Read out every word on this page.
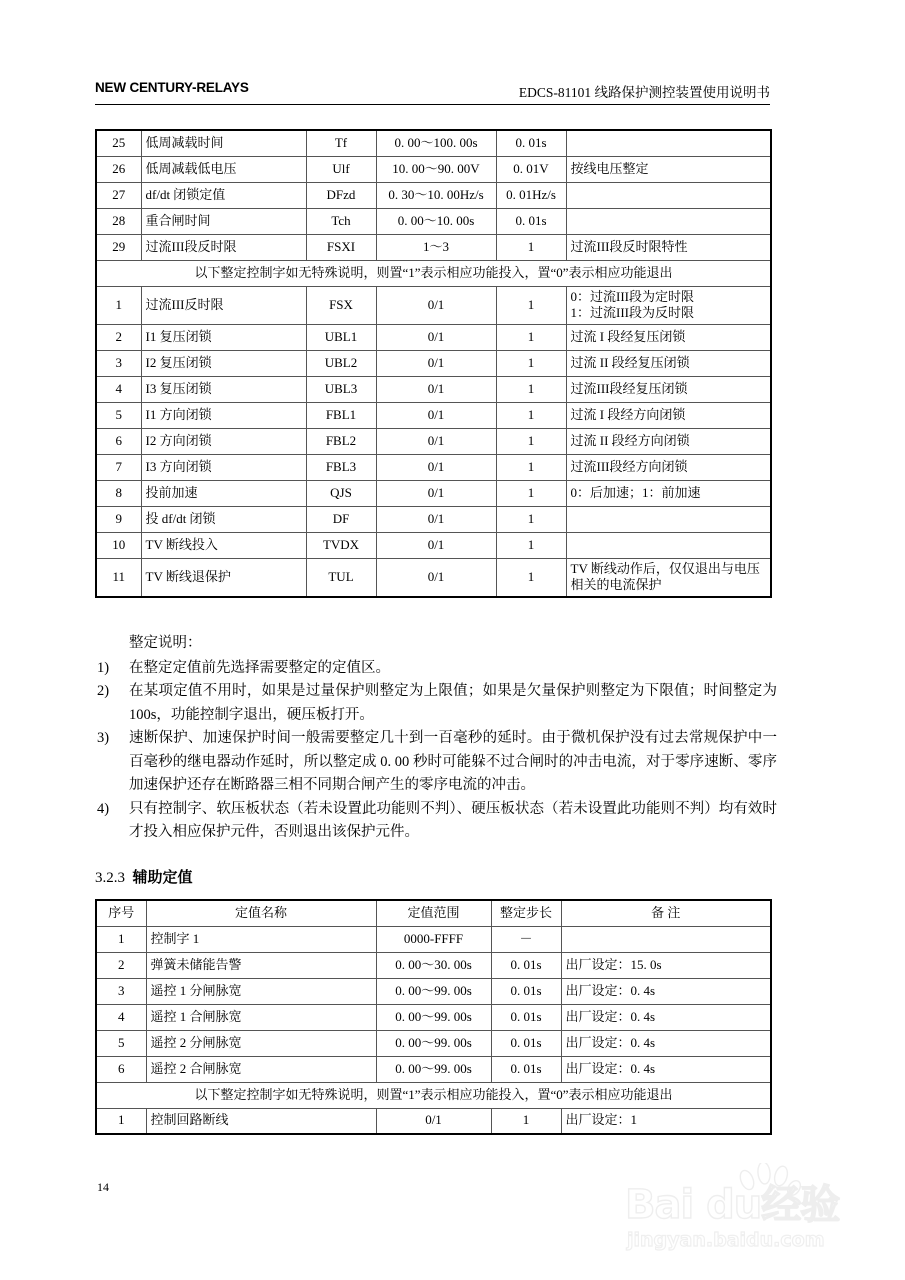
NEW CENTURY-RELAYS	EDCS-81101 线路保护测控装置使用说明书
25	低周减载时间	Tf	0. 00～100. 00s	0. 01s	
26	低周减载低电压	Ulf	10. 00～90. 00V	0. 01V	按线电压整定
27	df/dt 闭锁定值	DFzd	0. 30～10. 00Hz/s	0. 01Hz/s	
28	重合闸时间	Tch	0. 00～10. 00s	0. 01s	
29	过流III段反时限	FSXI	1～3	1	过流III段反时限特性
以下整定控制字如无特殊说明，则置“1”表示相应功能投入，置“0”表示相应功能退出					
1	过流III反时限	FSX	0/1	1	0：过流III段为定时限
1：过流III段为反时限

2	I1 复压闭锁	UBL1	0/1	1	过流 I 段经复压闭锁
3	I2 复压闭锁	UBL2	0/1	1	过流 II 段经复压闭锁
4	I3 复压闭锁	UBL3	0/1	1	过流III段经复压闭锁
5	I1 方向闭锁	FBL1	0/1	1	过流 I 段经方向闭锁
6	I2 方向闭锁	FBL2	0/1	1	过流 II 段经方向闭锁
7	I3 方向闭锁	FBL3	0/1	1	过流III段经方向闭锁
8	投前加速	QJS	0/1	1	0：后加速；1：前加速
9	投 df/dt 闭锁	DF	0/1	1	
10	TV 断线投入	TVDX	0/1	1	
11	TV 断线退保护	TUL	0/1	1	TV 断线动作后，仅仅退出与电压
相关的电流保护
整定说明：
1) 在整定定值前先选择需要整定的定值区。
2) 在某项定值不用时，如果是过量保护则整定为上限值；如果是欠量保护则整定为下限值；时间整定为 100s，功能控制字退出，硬压板打开。
3) 速断保护、加速保护时间一般需要整定几十到一百毫秒的延时。由于微机保护没有过去常规保护中一百毫秒的继电器动作延时，所以整定成 0. 00 秒时可能躲不过合闸时的冲击电流，对于零序速断、零序加速保护还存在断路器三相不同期合闸产生的零序电流的冲击。
4) 只有控制字、软压板状态（若未设置此功能则不判）、硬压板状态（若未设置此功能则不判）均有效时才投入相应保护元件，否则退出该保护元件。
3.2.3 辅助定值
序号	定值名称	定值范围	整定步长	备 注
1	控制字 1	0000-FFFF	－	
2	弹簧未储能告警	0. 00～30. 00s	0. 01s	出厂设定：15. 0s
3	遥控 1 分闸脉宽	0. 00～99. 00s	0. 01s	出厂设定：0. 4s
4	遥控 1 合闸脉宽	0. 00～99. 00s	0. 01s	出厂设定：0. 4s
5	遥控 2 分闸脉宽	0. 00～99. 00s	0. 01s	出厂设定：0. 4s
6	遥控 2 合闸脉宽	0. 00～99. 00s	0. 01s	出厂设定：0. 4s
以下整定控制字如无特殊说明，则置“1”表示相应功能投入，置“0”表示相应功能退出				
1	控制回路断线	0/1	1	出厂设定：1
14	Bai du经验
jingyan.baidu.com
